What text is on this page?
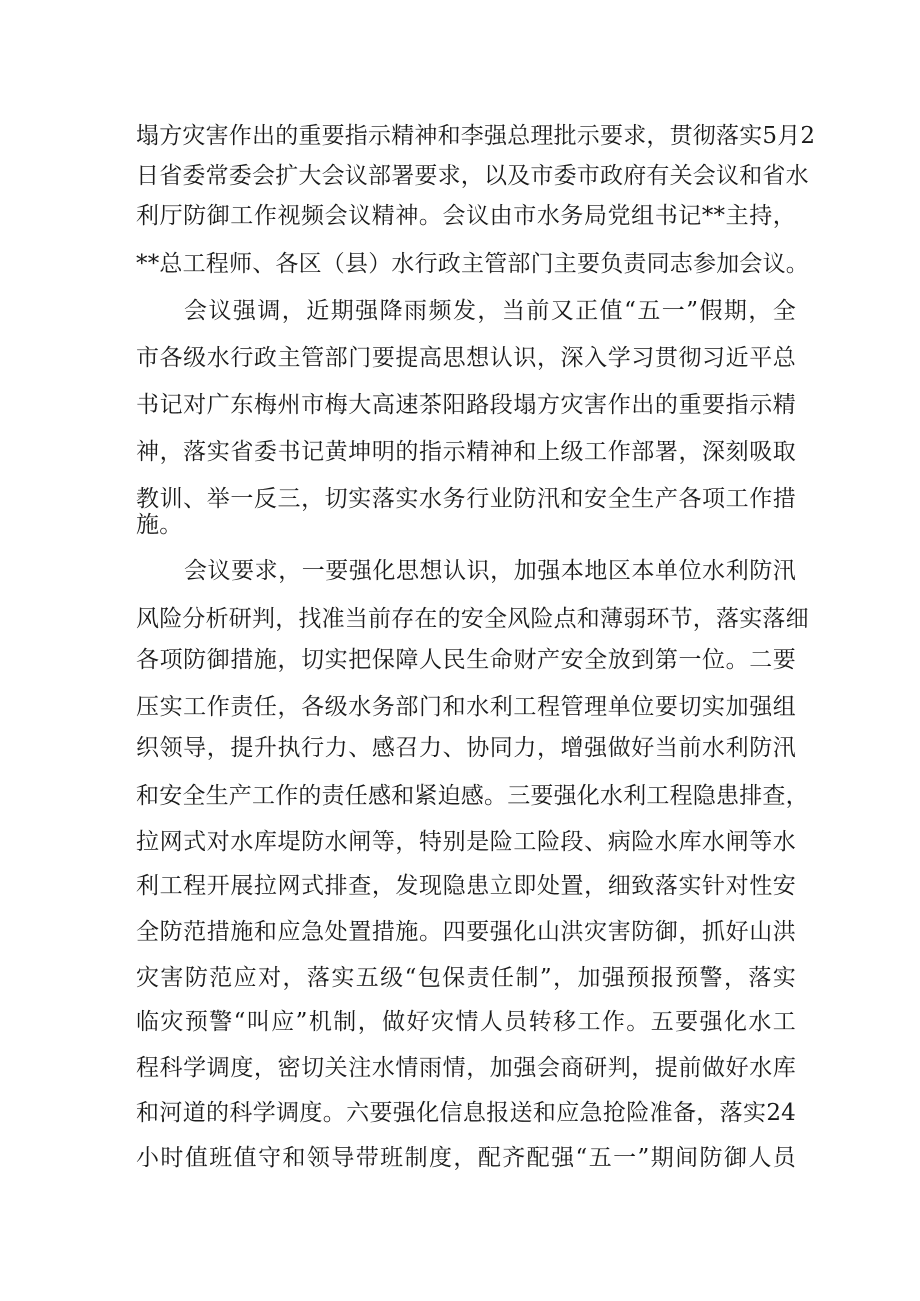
塌方灾害作出的重要指示精神和李强总理批示要求，贯彻落实5月2
日省委常委会扩大会议部署要求，以及市委市政府有关会议和省水
利厅防御工作视频会议精神。会议由市水务局党组书记**主持，
**总工程师、各区（县）水行政主管部门主要负责同志参加会议。
会议强调，近期强降雨频发，当前又正值“五一”假期，全
市各级水行政主管部门要提高思想认识，深入学习贯彻习近平总
书记对广东梅州市梅大高速茶阳路段塌方灾害作出的重要指示精
神，落实省委书记黄坤明的指示精神和上级工作部署，深刻吸取
教训、举一反三，切实落实水务行业防汛和安全生产各项工作措
施。
会议要求，一要强化思想认识，加强本地区本单位水利防汛
风险分析研判，找准当前存在的安全风险点和薄弱环节，落实落细
各项防御措施，切实把保障人民生命财产安全放到第一位。二要
压实工作责任，各级水务部门和水利工程管理单位要切实加强组
织领导，提升执行力、感召力、协同力，增强做好当前水利防汛
和安全生产工作的责任感和紧迫感。三要强化水利工程隐患排查，
拉网式对水库堤防水闸等，特别是险工险段、病险水库水闸等水
利工程开展拉网式排查，发现隐患立即处置，细致落实针对性安
全防范措施和应急处置措施。四要强化山洪灾害防御，抓好山洪
灾害防范应对，落实五级“包保责任制”，加强预报预警，落实
临灾预警“叫应”机制，做好灾情人员转移工作。五要强化水工
程科学调度，密切关注水情雨情，加强会商研判，提前做好水库
和河道的科学调度。六要强化信息报送和应急抢险准备，落实24
小时值班值守和领导带班制度，配齐配强“五一”期间防御人员
